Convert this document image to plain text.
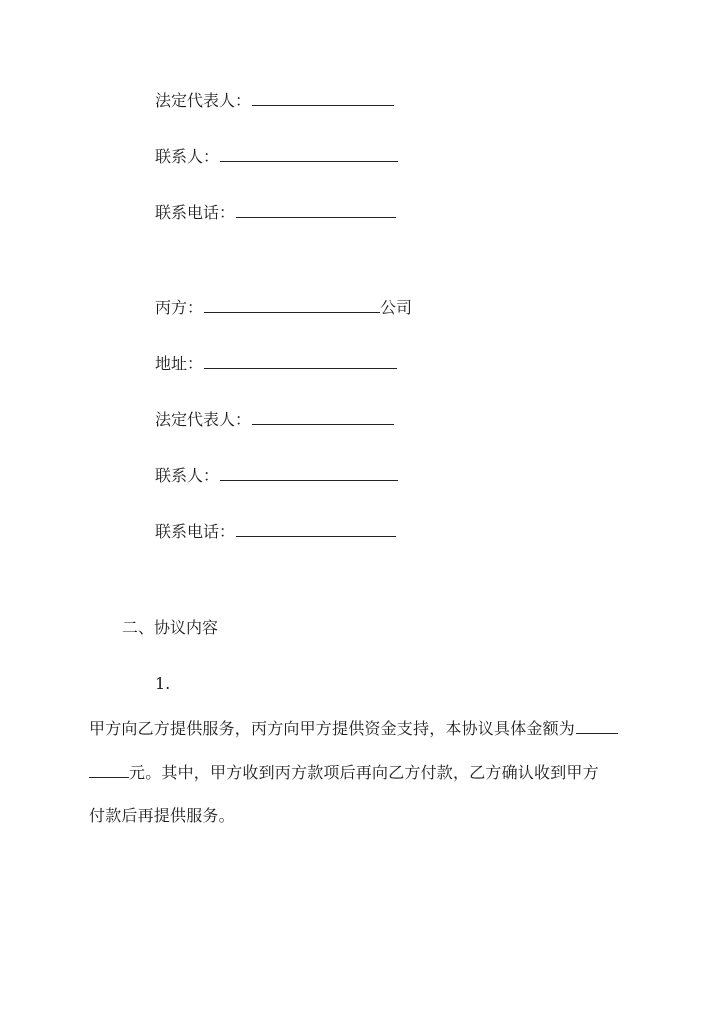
法定代表人：
联系人：
联系电话：
丙方：	公司
地址：
法定代表人：
联系人：
联系电话：
二、协议内容
1.
甲方向乙方提供服务，丙方向甲方提供资金支持，本协议具体金额为
元。其中，甲方收到丙方款项后再向乙方付款，乙方确认收到甲方
付款后再提供服务。
